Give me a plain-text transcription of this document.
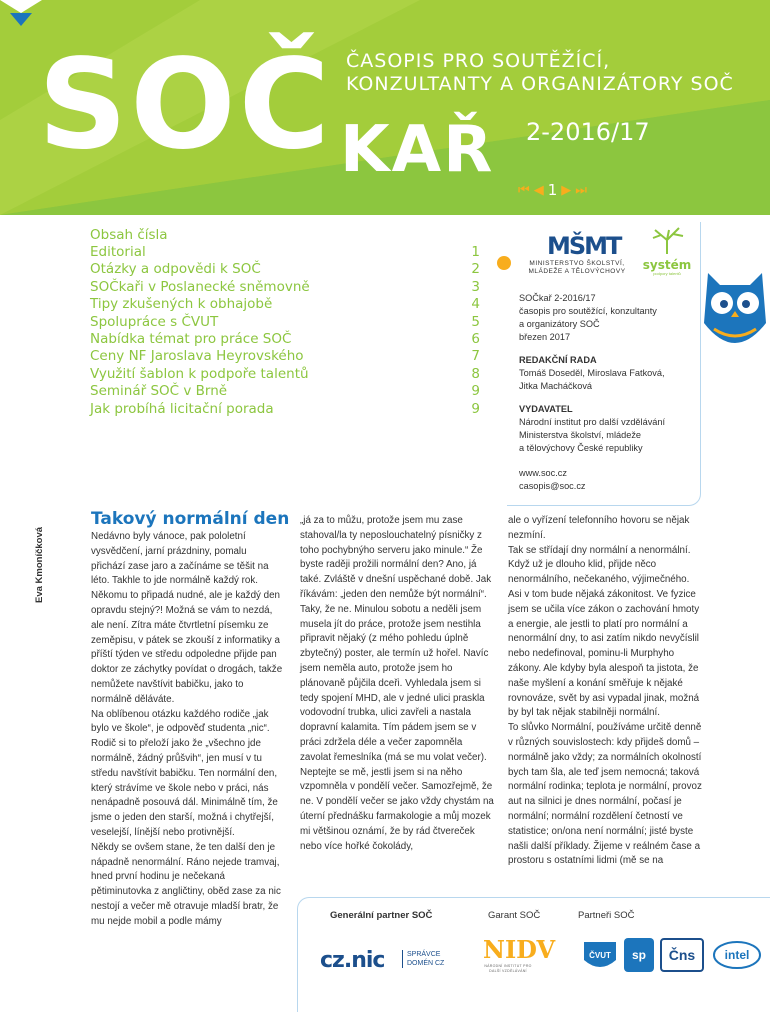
SOČ KAŘ
ČASOPIS PRO SOUTĚŽÍCÍ,
KONZULTANTY A ORGANIZÁTORY SOČ
2-2016/17
⏮ ◀ 1 ▶ ⏭
Obsah čísla
Editorial	1
Otázky a odpovědi k SOČ	2
SOČkaři v Poslanecké sněmovně	3
Tipy zkušených k obhajobě	4
Spolupráce s ČVUT	5
Nabídka témat pro práce SOČ	6
Ceny NF Jaroslava Heyrovského	7
Využití šablon k podpoře talentů	8
Seminář SOČ v Brně	9
Jak probíhá licitační porada	9
MŠMT
MINISTERSTVO ŠKOLSTVÍ, MLÁDEŽE A TĚLOVÝCHOVY	systém
podpory talentů
SOČkař 2-2016/17
časopis pro soutěžící, konzultanty
a organizátory SOČ
březen 2017
REDAKČNÍ RADA
Tomáš Doseděl, Miroslava Fatková,
Jitka Macháčková
VYDAVATEL
Národní institut pro další vzdělávání
Ministerstva školství, mládeže
a tělovýchovy České republiky
www.soc.cz
casopis@soc.cz
Eva Kmoníčková
Takový normální den

Nedávno byly vánoce, pak pololetní vysvědčení, jarní prázdniny, pomalu přichází zase jaro a začínáme se těšit na léto. Takhle to jde normálně každý rok. Někomu to připadá nudné, ale je každý den opravdu stejný?! Možná se vám to nezdá, ale není. Zítra máte čtvrtletní písemku ze zeměpisu, v pátek se zkouší z informatiky a příští týden ve středu odpoledne přijde pan doktor ze záchytky povídat o drogách, takže nemůžete navštívit babičku, jako to normálně děláváte.

Na oblíbenou otázku každého rodiče „jak bylo ve škole“, je odpověď studenta „nic“. Rodič si to přeloží jako že „všechno jde normálně, žádný průšvih“, jen musí v tu středu navštívit babičku. Ten normální den, který strávíme ve škole nebo v práci, nás nenápadně posouvá dál. Minimálně tím, že jsme o jeden den starší, možná i chytřejší, veselejší, línější nebo protivnější.

Někdy se ovšem stane, že ten další den je nápadně nenormální. Ráno nejede tramvaj, hned první hodinu je nečekaná pětiminutovka z angličtiny, oběd zase za nic nestojí a večer mě otravuje mladší bratr, že mu nejde mobil a podle mámy

„já za to můžu, protože jsem mu zase stahoval/la ty neposlouchatelný písničky z toho pochybnýho serveru jako minule.“ Že byste raději prožili normální den? Ano, já také. Zvláště v dnešní uspěchané době. Jak říkávám: „jeden den nemůže být normální“. Taky, že ne. Minulou sobotu a neděli jsem musela jít do práce, protože jsem nestihla připravit nějaký (z mého pohledu úplně zbytečný) poster, ale termín už hořel. Navíc jsem neměla auto, protože jsem ho plánovaně půjčila dceři. Vyhledala jsem si tedy spojení MHD, ale v jedné ulici praskla vodovodní trubka, ulici zavřeli a nastala dopravní kalamita. Tím pádem jsem se v práci zdržela déle a večer zapomněla zavolat řemeslníka (má se mu volat večer).

Neptejte se mě, jestli jsem si na něho vzpomněla v pondělí večer. Samozřejmě, že ne. V pondělí večer se jako vždy chystám na úterní přednášku farmakologie a můj mozek mi většinou oznámí, že by rád čtvereček nebo více hořké čokolády,

ale o vyřízení telefonního hovoru se nějak nezmíní.

Tak se střídají dny normální a nenormální. Když už je dlouho klid, přijde něco nenormálního, nečekaného, výjimečného. Asi v tom bude nějaká zákonitost. Ve fyzice jsem se učila více zákon o zachování hmoty a energie, ale jestli to platí pro normální a nenormální dny, to asi zatím nikdo nevyčíslil nebo nedefinoval, pominu-li Murphyho zákony. Ale kdyby byla alespoň ta jistota, že naše myšlení a konání směřuje k nějaké rovnováze, svět by asi vypadal jinak, možná by byl tak nějak stabilněji normální.

To slůvko Normální, používáme určitě denně v různých souvislostech: kdy přijdeš domů – normálně jako vždy; za normálních okolností bych tam šla, ale teď jsem nemocná; taková normální rodinka; teplota je normální, provoz aut na silnici je dnes normální, počasí je normální; normální rozdělení četností ve statistice; on/ona není normální; jisté byste našli další příklady. Žijeme v reálném čase a prostoru s ostatními lidmi (mě se na

Generální partner SOČ	Garant SOČ	Partneři SOČ
cz.nic	SPRÁVCE
DOMÉN CZ NIDV
NÁRODNÍ INSTITUT PRO DALŠÍ VZDĚLÁVÁNÍ
ČVUT	sp	Čns	intel
